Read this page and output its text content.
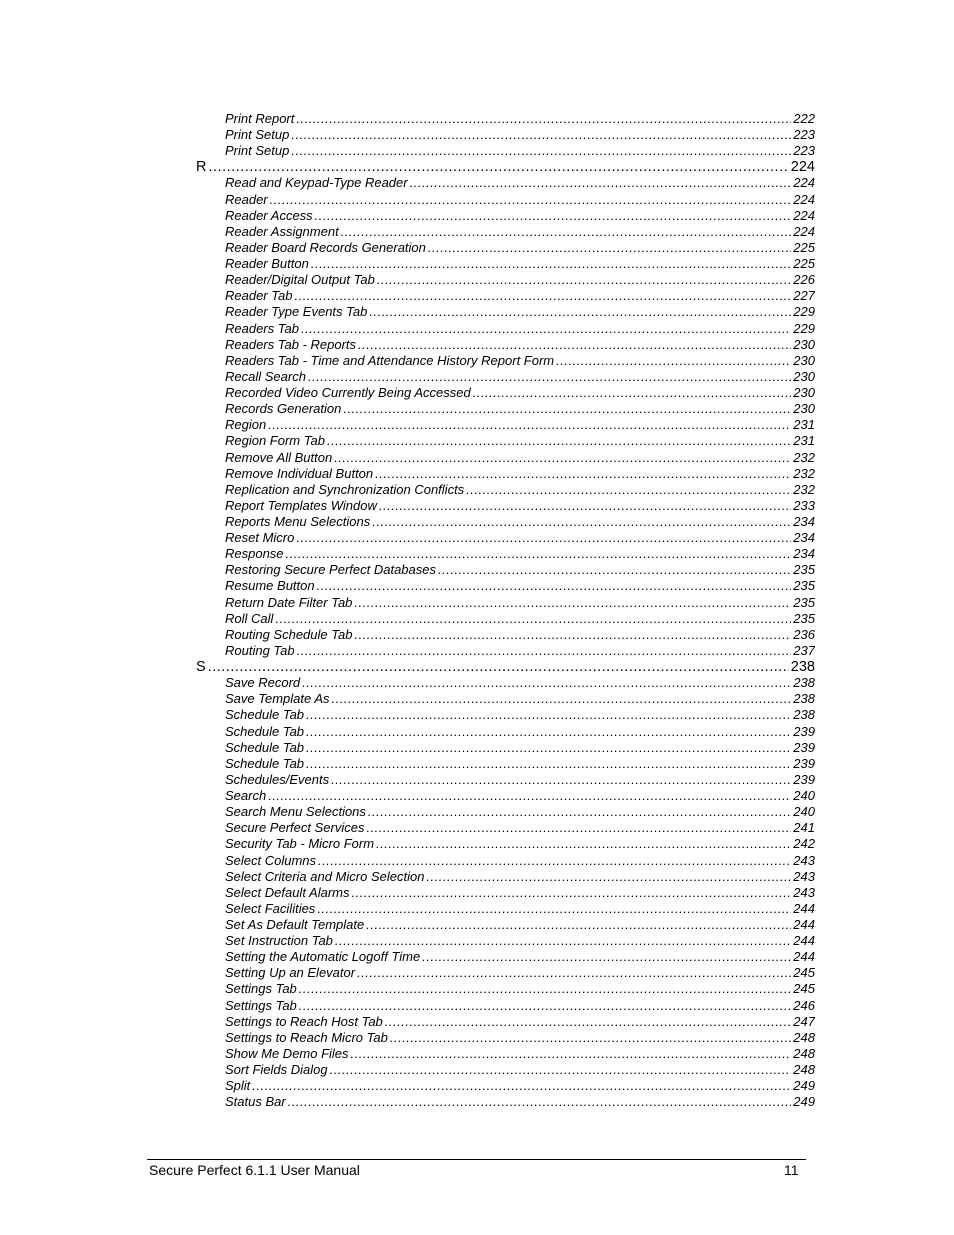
Print Report .....	222
Print Setup .....	223
Print Setup .....	223
R .....	224
Read and Keypad-Type Reader .....	224
Reader .....	224
Reader Access .....	224
Reader Assignment .....	224
Reader Board Records Generation .....	225
Reader Button .....	225
Reader/Digital Output Tab .....	226
Reader Tab .....	227
Reader Type Events Tab .....	229
Readers Tab .....	229
Readers Tab - Reports .....	230
Readers Tab - Time and Attendance History Report Form .....	230
Recall Search .....	230
Recorded Video Currently Being Accessed .....	230
Records Generation .....	230
Region .....	231
Region Form Tab .....	231
Remove All Button .....	232
Remove Individual Button .....	232
Replication and Synchronization Conflicts .....	232
Report Templates Window .....	233
Reports Menu Selections .....	234
Reset Micro .....	234
Response .....	234
Restoring Secure Perfect Databases .....	235
Resume Button .....	235
Return Date Filter Tab .....	235
Roll Call .....	235
Routing Schedule Tab .....	236
Routing Tab .....	237
S .....	238
Save Record .....	238
Save Template As .....	238
Schedule Tab .....	238
Schedule Tab .....	239
Schedule Tab .....	239
Schedule Tab .....	239
Schedules/Events .....	239
Search .....	240
Search Menu Selections .....	240
Secure Perfect Services .....	241
Security Tab - Micro Form .....	242
Select Columns .....	243
Select Criteria and Micro Selection .....	243
Select Default Alarms .....	243
Select Facilities .....	244
Set As Default Template .....	244
Set Instruction Tab .....	244
Setting the Automatic Logoff Time .....	244
Setting Up an Elevator .....	245
Settings Tab .....	245
Settings Tab .....	246
Settings to Reach Host Tab .....	247
Settings to Reach Micro Tab .....	248
Show Me Demo Files .....	248
Sort Fields Dialog .....	248
Split .....	249
Status Bar .....	249
Secure Perfect 6.1.1 User Manual	11
